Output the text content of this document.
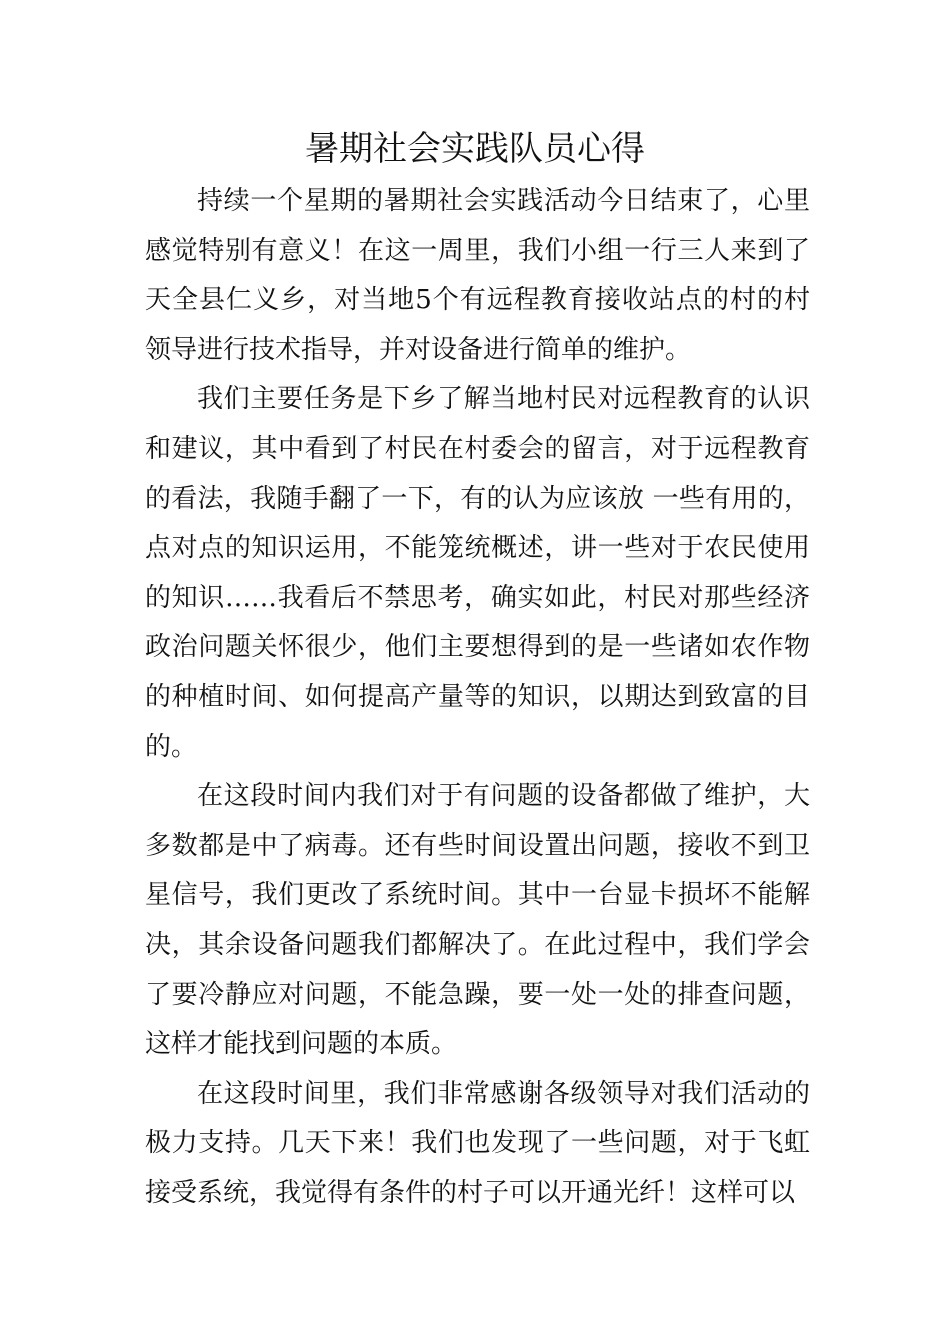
暑期社会实践队员心得

持续一个星期的暑期社会实践活动今日结束了，心里感觉特别有意义！在这一周里，我们小组一行三人来到了天全县仁义乡，对当地5个有远程教育接收站点的村的村领导进行技术指导，并对设备进行简单的维护。

我们主要任务是下乡了解当地村民对远程教育的认识和建议，其中看到了村民在村委会的留言，对于远程教育的看法，我随手翻了一下，有的认为应该放 一些有用的，点对点的知识运用，不能笼统概述，讲一些对于农民使用的知识……我看后不禁思考，确实如此，村民对那些经济政治问题关怀很少，他们主要想得到的是一些诸如农作物的种植时间、如何提高产量等的知识，以期达到致富的目的。

在这段时间内我们对于有问题的设备都做了维护，大多数都是中了病毒。还有些时间设置出问题，接收不到卫星信号，我们更改了系统时间。其中一台显卡损坏不能解决，其余设备问题我们都解决了。在此过程中，我们学会了要冷静应对问题，不能急躁，要一处一处的排查问题，这样才能找到问题的本质。

在这段时间里，我们非常感谢各级领导对我们活动的极力支持。几天下来！我们也发现了一些问题，对于飞虹接受系统，我觉得有条件的村子可以开通光纤！这样可以
